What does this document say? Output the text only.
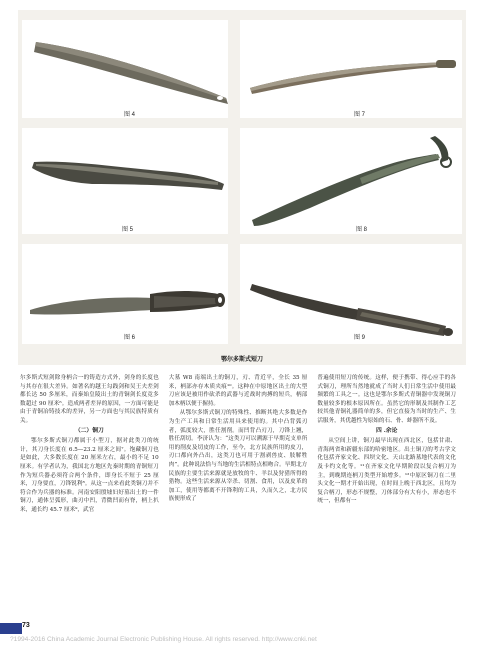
图 4	图 7
图 5	图 8
图 6	图 9
鄂尔多斯式短刀

尔多斯式短剑除身柄合一的铸造方式外，剑身的长度也与其存在很大差异。如著名的越王勾践剑和吴王夫差剑都长达 50 多厘米，而秦始皇陵出土的青铜剑长度竟多数超过 90 厘米⁶。造成两者差异的原因，一方面可能是由于青铜冶铸技术的差异，另一方面也与其民族特质有关。

（二）铜刀

鄂尔多斯式铜刀都属于小型刀，据对此类刀的统计，其刀身长度在 6.5—23.2 厘米之间⁷。饱藏铜刀也是如此，大多数长度在 20 厘米左右，最小的不足 10 厘米。有学者认为，我国北方地区先秦时期的青铜短刀作为短兵器必须符合两个条件，即身长不短于 25 厘米，刀身要直，刀锋锐利⁸。从这一点来看此类铜刀并不符合作为兵器的标准。河南安阳殷墟妇好墓出土的一件铜刀，通体呈弧形，曲刃中凹，背微凹而有脊，柄上扒米，通长约 45.7 厘米⁹，武官

大墓 W8 南端出土的铜刀，刃、背近平，全长 35 厘米，柄部亦存木质夹痕¹⁰。这种在中原地区出土的大型刀应该是被用作砍杀的武器与近战时肉搏的短兵，柄部加木柄以便于握持。

从鄂尔多斯式铜刀的特殊性、推断其绝大多数是作为生产工具和日常生活用具来使用的。其中凸背弧刃者，弧度较大，胜任割削。而凹背凸刃刀，刀锋上翘，胜任刮切。李济认为：“这类刀可以溯源于早期克支单所用的削皮及切皮的工作，至今，北方民族所用的皮刀，刃口都向外凸出，这类刀也可用于割剥兽皮、肢解牲肉”。此种说法恰与当地的生活相特点相吻合。早期北方民族的主要生活来源就是放牧的牛、羊以及狩猎所得的猎物。这些生活来源从宰杀、切割、食用，以及皮革的加工，使用等都离不开锋利的工具，久而久之，北方民族便形成了

普遍使用短刀的传统。这样，便于携带、得心应手的各式铜刀，理所当然地就成了当时人们日常生活中使用最频繁的工具之一。这也是鄂尔多斯式青铜器中发现铜刀数量较多的根本原因所在。虽然它的形制及其制作工艺较其他青铜礼器简单的多，但它直接为当时的生产、生活服务，其优越性为原始的石、骨、蚌器所不及。

四 .余论

从空间上讲，铜刀最早出现在西北区，包括甘肃、青海两省和新疆东部的哈密地区。出土铜刀的考古学文化包括齐家文化、四坝文化、天山北路墓地代表的文化及卡约文化等。¹¹在齐家文化早期阶段以复合柄刀为主，到晚期连柄刀类型开始增多。¹²中原区铜刀在二里头文化一期才开始出现，在时间上晚于西北区，且均为复合柄刀，形态不规整，刀体部分有大有小，形态也不统一，但都有一

73
?1994-2016 China Academic Journal Electronic Publishing House. All rights reserved. http://www.cnki.net
